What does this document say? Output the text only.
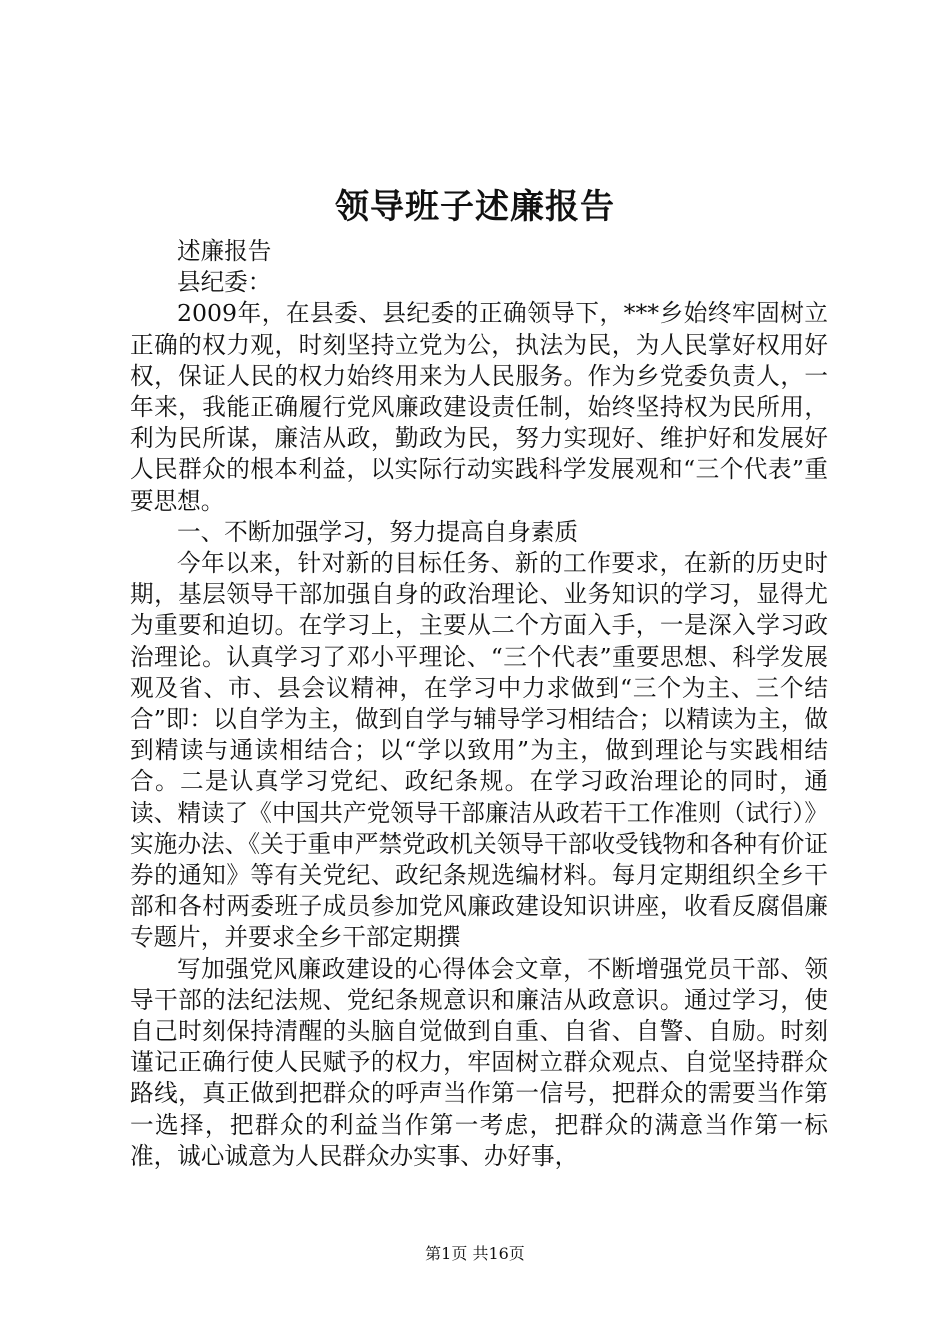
领导班子述廉报告

述廉报告

县纪委：

2009年，在县委、县纪委的正确领导下，***乡始终牢固树立正确的权力观，时刻坚持立党为公，执法为民，为人民掌好权用好权，保证人民的权力始终用来为人民服务。作为乡党委负责人，一年来，我能正确履行党风廉政建设责任制，始终坚持权为民所用，利为民所谋，廉洁从政，勤政为民，努力实现好、维护好和发展好人民群众的根本利益，以实际行动实践科学发展观和“三个代表”重要思想。

一、不断加强学习，努力提高自身素质

今年以来，针对新的目标任务、新的工作要求，在新的历史时期，基层领导干部加强自身的政治理论、业务知识的学习，显得尤为重要和迫切。在学习上，主要从二个方面入手，一是深入学习政治理论。认真学习了邓小平理论、“三个代表”重要思想、科学发展观及省、市、县会议精神，在学习中力求做到“三个为主、三个结合”即：以自学为主，做到自学与辅导学习相结合；以精读为主，做到精读与通读相结合；以“学以致用”为主，做到理论与实践相结合。二是认真学习党纪、政纪条规。在学习政治理论的同时，通读、精读了《中国共产党领导干部廉洁从政若干工作准则（试行）》实施办法、《关于重申严禁党政机关领导干部收受钱物和各种有价证券的通知》等有关党纪、政纪条规选编材料。每月定期组织全乡干部和各村两委班子成员参加党风廉政建设知识讲座，收看反腐倡廉专题片，并要求全乡干部定期撰

写加强党风廉政建设的心得体会文章，不断增强党员干部、领导干部的法纪法规、党纪条规意识和廉洁从政意识。通过学习，使自己时刻保持清醒的头脑自觉做到自重、自省、自警、自励。时刻谨记正确行使人民赋予的权力，牢固树立群众观点、自觉坚持群众路线，真正做到把群众的呼声当作第一信号，把群众的需要当作第一选择，把群众的利益当作第一考虑，把群众的满意当作第一标准，诚心诚意为人民群众办实事、办好事，

第1页 共16页
